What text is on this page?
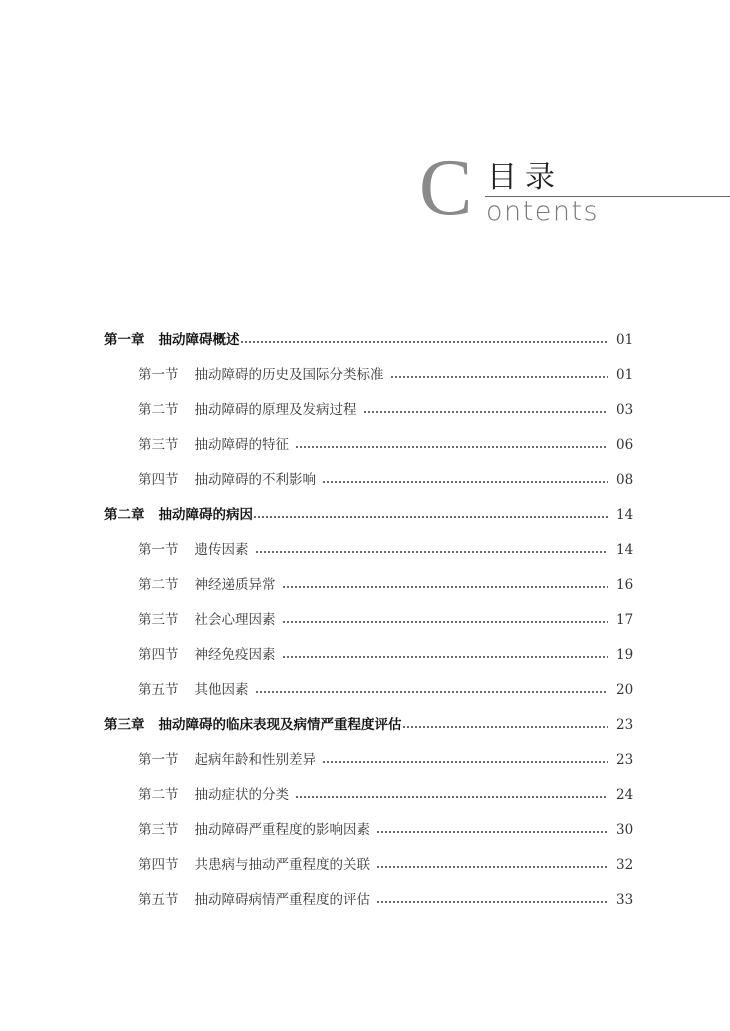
C 目录
ontents
第一章 抽动障碍概述	01
第一节 抽动障碍的历史及国际分类标准	01
第二节 抽动障碍的原理及发病过程	03
第三节 抽动障碍的特征	06
第四节 抽动障碍的不利影响	08
第二章 抽动障碍的病因	14
第一节 遗传因素	14
第二节 神经递质异常	16
第三节 社会心理因素	17
第四节 神经免疫因素	19
第五节 其他因素	20
第三章 抽动障碍的临床表现及病情严重程度评估	23
第一节 起病年龄和性别差异	23
第二节 抽动症状的分类	24
第三节 抽动障碍严重程度的影响因素	30
第四节 共患病与抽动严重程度的关联	32
第五节 抽动障碍病情严重程度的评估	33
